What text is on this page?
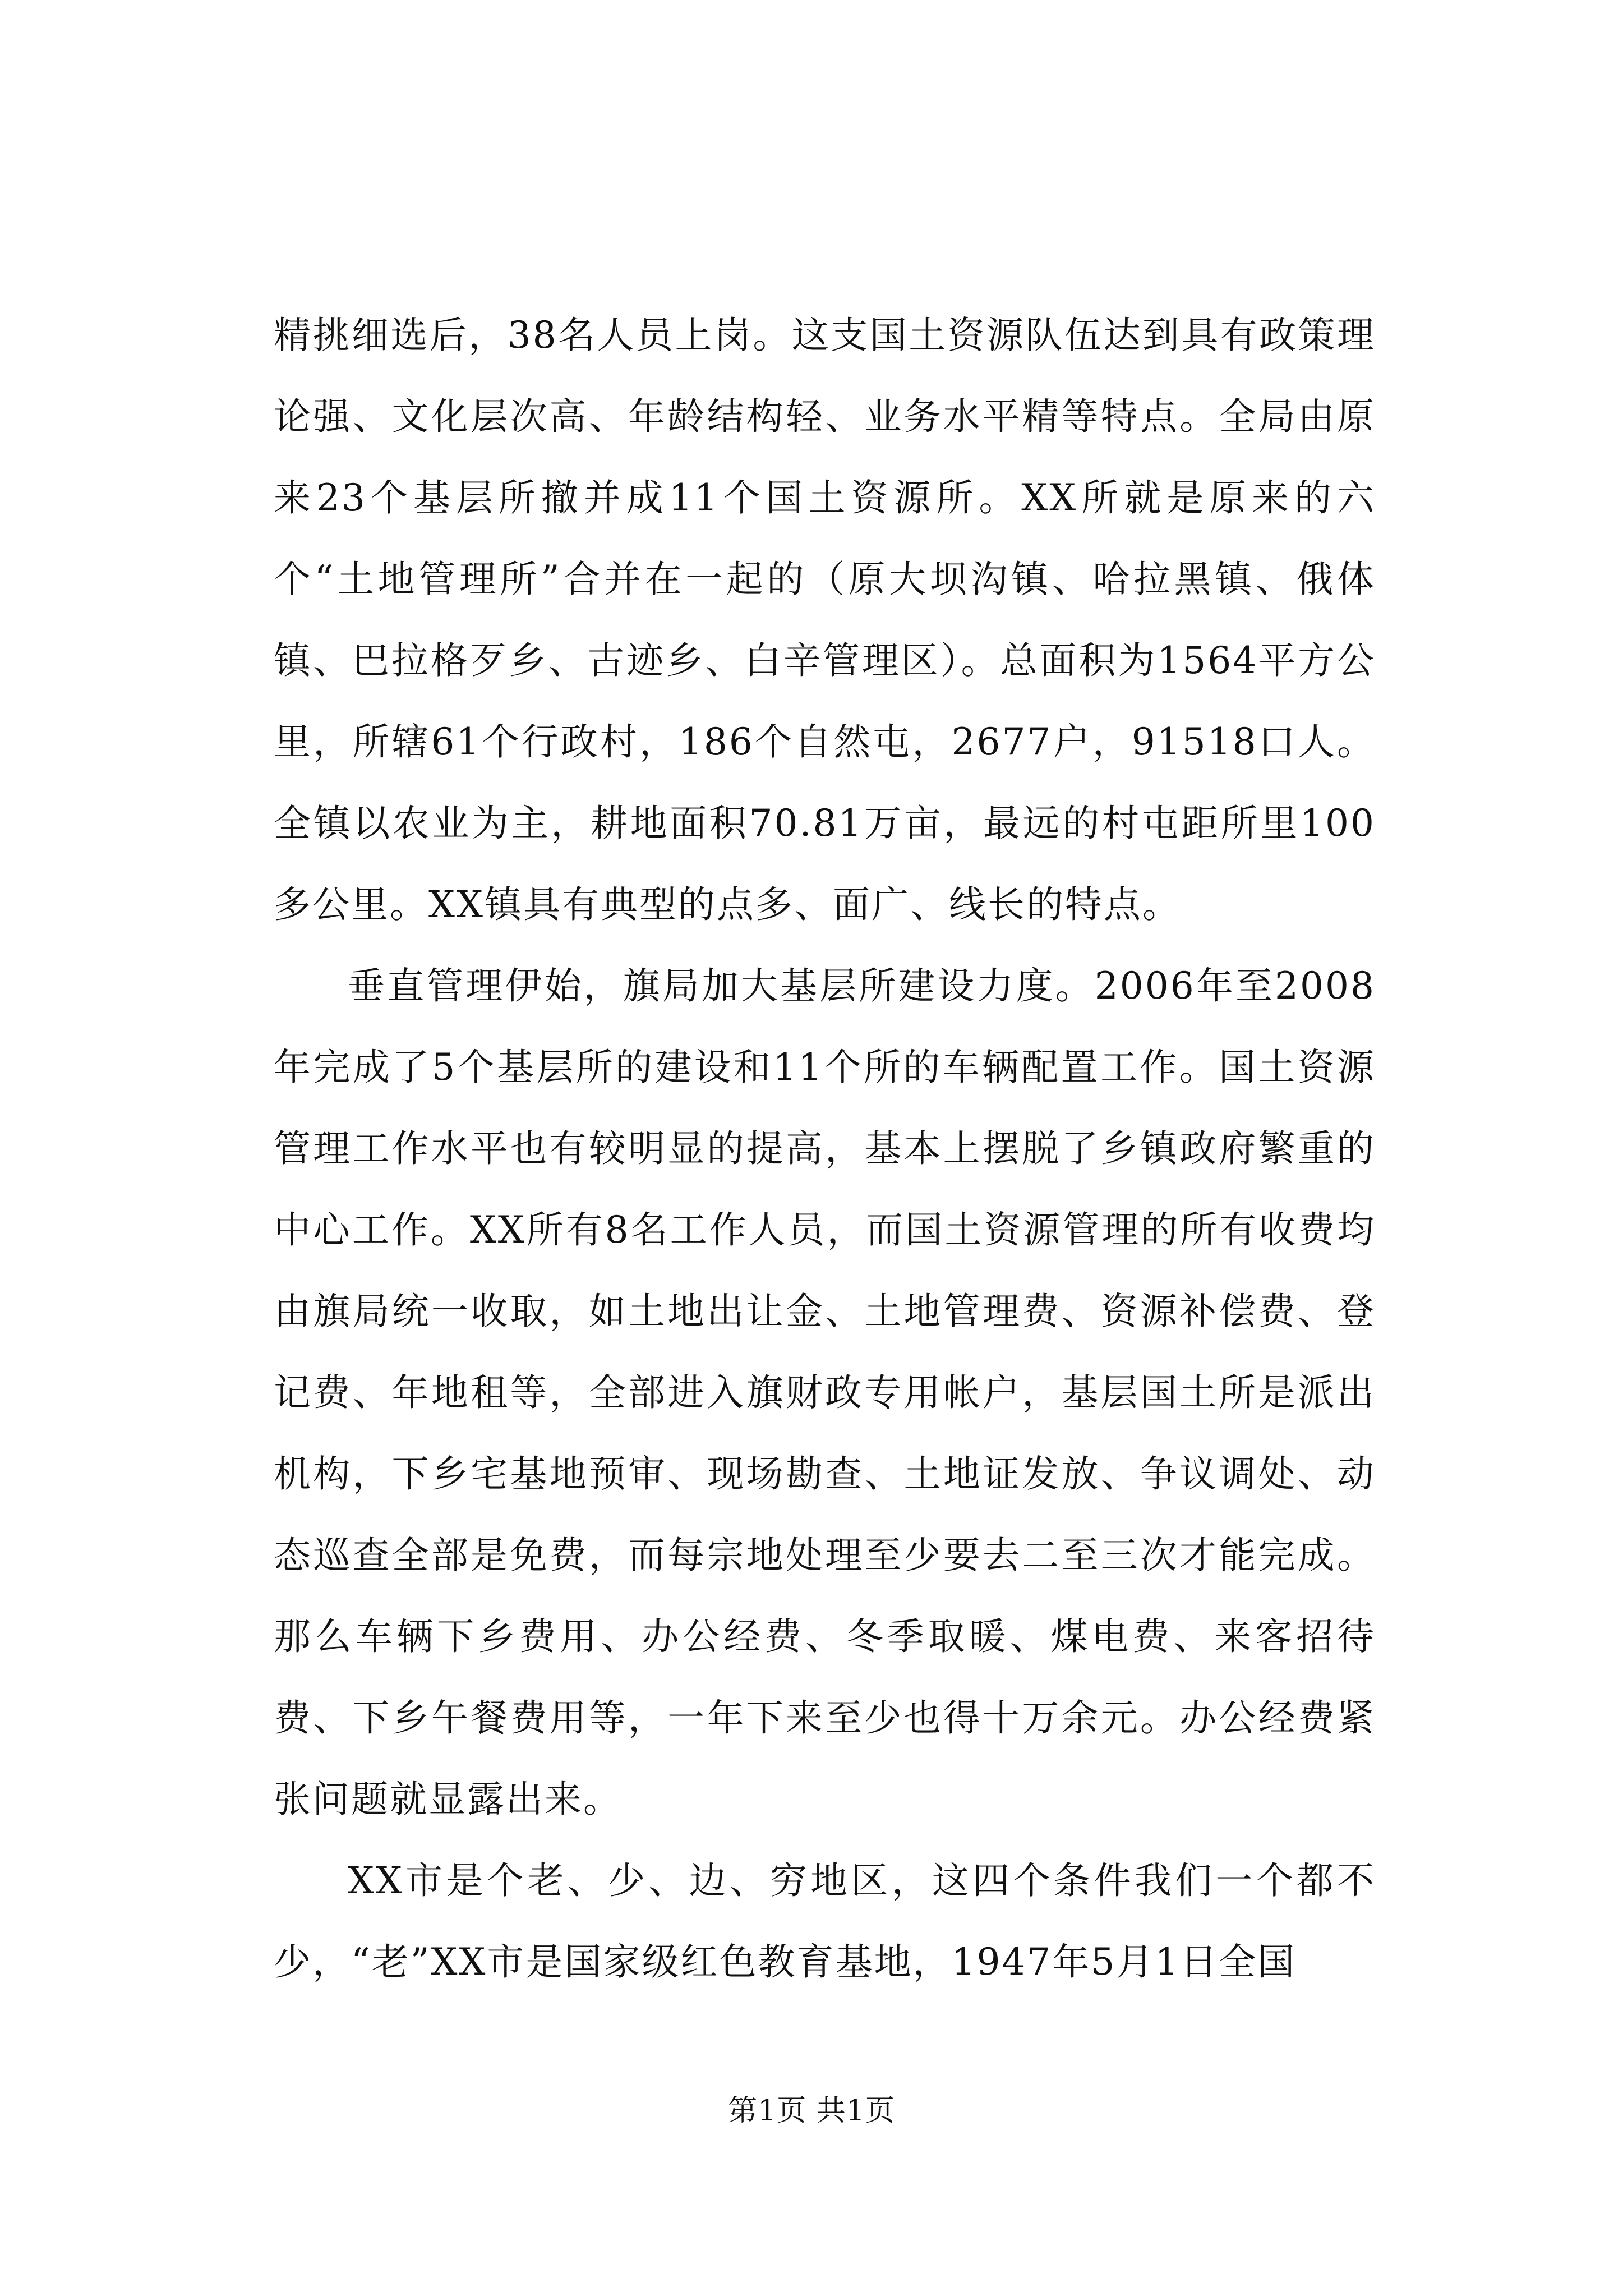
精挑细选后，38名人员上岗。这支国土资源队伍达到具有政策理论强、文化层次高、年龄结构轻、业务水平精等特点。全局由原来23个基层所撤并成11个国土资源所。XX所就是原来的六个“土地管理所”合并在一起的（原大坝沟镇、哈拉黑镇、俄体镇、巴拉格歹乡、古迹乡、白辛管理区）。总面积为1564平方公里，所辖61个行政村，186个自然屯，2677户，91518口人。全镇以农业为主，耕地面积70.81万亩，最远的村屯距所里100多公里。XX镇具有典型的点多、面广、线长的特点。

垂直管理伊始，旗局加大基层所建设力度。2006年至2008年完成了5个基层所的建设和11个所的车辆配置工作。国土资源管理工作水平也有较明显的提高，基本上摆脱了乡镇政府繁重的中心工作。XX所有8名工作人员，而国土资源管理的所有收费均由旗局统一收取，如土地出让金、土地管理费、资源补偿费、登记费、年地租等，全部进入旗财政专用帐户，基层国土所是派出机构，下乡宅基地预审、现场勘查、土地证发放、争议调处、动态巡查全部是免费，而每宗地处理至少要去二至三次才能完成。那么车辆下乡费用、办公经费、冬季取暖、煤电费、来客招待费、下乡午餐费用等，一年下来至少也得十万余元。办公经费紧张问题就显露出来。

XX市是个老、少、边、穷地区，这四个条件我们一个都不少，“老”XX市是国家级红色教育基地，1947年5月1日全国

第1页 共1页
